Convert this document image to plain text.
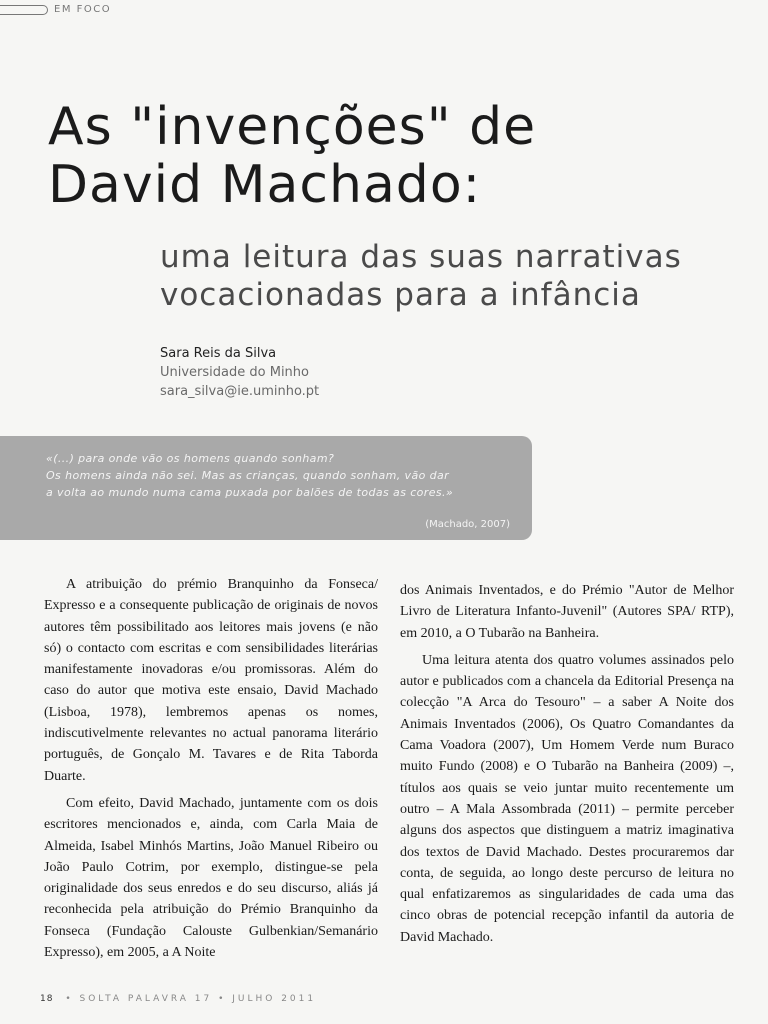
EM FOCO
As "invenções" de
David Machado:
uma leitura das suas narrativas
vocacionadas para a infância
Sara Reis da Silva
Universidade do Minho
sara_silva@ie.uminho.pt
«(...) para onde vão os homens quando sonham?
Os homens ainda não sei. Mas as crianças, quando sonham, vão dar
a volta ao mundo numa cama puxada por balões de todas as cores.»
(Machado, 2007)

A atribuição do prémio Branquinho da Fonseca/ Expresso e a consequente publicação de originais de novos autores têm possibilitado aos leitores mais jovens (e não só) o contacto com escritas e com sensibilidades literárias manifestamente inovadoras e/ou promissoras. Além do caso do autor que motiva este ensaio, David Machado (Lisboa, 1978), lembremos apenas os nomes, indiscutivelmente relevantes no actual panorama literário português, de Gonçalo M. Tavares e de Rita Taborda Duarte.

Com efeito, David Machado, juntamente com os dois escritores mencionados e, ainda, com Carla Maia de Almeida, Isabel Minhós Martins, João Manuel Ribeiro ou João Paulo Cotrim, por exemplo, distingue-se pela originalidade dos seus enredos e do seu discurso, aliás já reconhecida pela atribuição do Prémio Branquinho da Fonseca (Fundação Calouste Gulbenkian/Semanário Expresso), em 2005, a A Noite

dos Animais Inventados, e do Prémio "Autor de Melhor Livro de Literatura Infanto-Juvenil" (Autores SPA/ RTP), em 2010, a O Tubarão na Banheira.

Uma leitura atenta dos quatro volumes assinados pelo autor e publicados com a chancela da Editorial Presença na colecção "A Arca do Tesouro" – a saber A Noite dos Animais Inventados (2006), Os Quatro Comandantes da Cama Voadora (2007), Um Homem Verde num Buraco muito Fundo (2008) e O Tubarão na Banheira (2009) –, títulos aos quais se veio juntar muito recentemente um outro – A Mala Assombrada (2011) – permite perceber alguns dos aspectos que distinguem a matriz imaginativa dos textos de David Machado. Destes procuraremos dar conta, de seguida, ao longo deste percurso de leitura no qual enfatizaremos as singularidades de cada uma das cinco obras de potencial recepção infantil da autoria de David Machado.

18 • SOLTA PALAVRA 17 • JULHO 2011
